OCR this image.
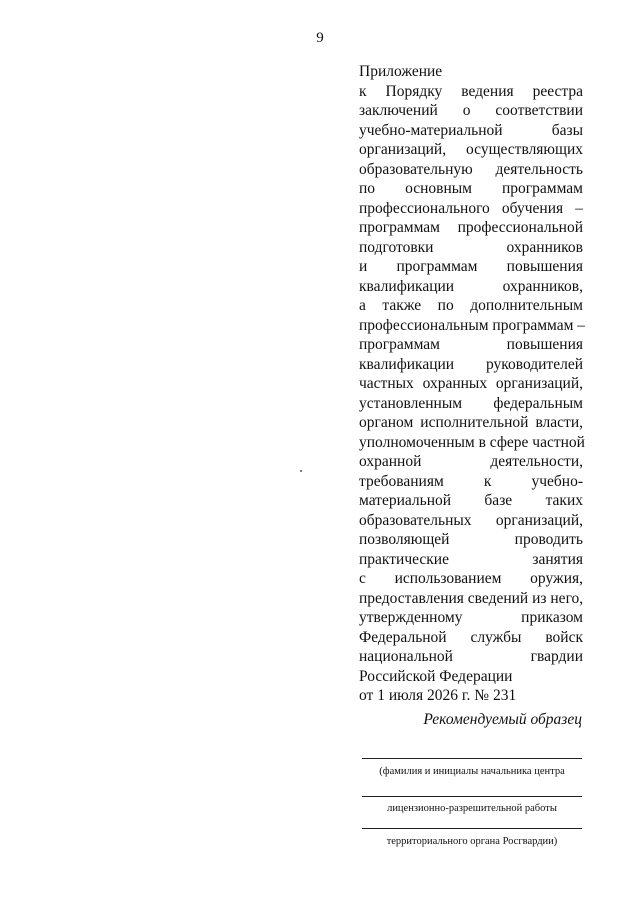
9
Приложение
к Порядку ведения реестра
заключений о соответствии
учебно-материальной базы
организаций, осуществляющих
образовательную деятельность
по основным программам
профессионального обучения –
программам профессиональной
подготовки охранников
и программам повышения
квалификации охранников,
а также по дополнительным
профессиональным программам –
программам повышения
квалификации руководителей
частных охранных организаций,
установленным федеральным
органом исполнительной власти,
уполномоченным в сфере частной
охранной деятельности,
требованиям к учебно-
материальной базе таких
образовательных организаций,
позволяющей проводить
практические занятия
с использованием оружия,
предоставления сведений из него,
утвержденному приказом
Федеральной службы войск
национальной гвардии
Российской Федерации
от 1 июля 2026 г. № 231
Рекомендуемый образец
(фамилия и инициалы начальника центра
лицензионно-разрешительной работы
территориального органа Росгвардии)
